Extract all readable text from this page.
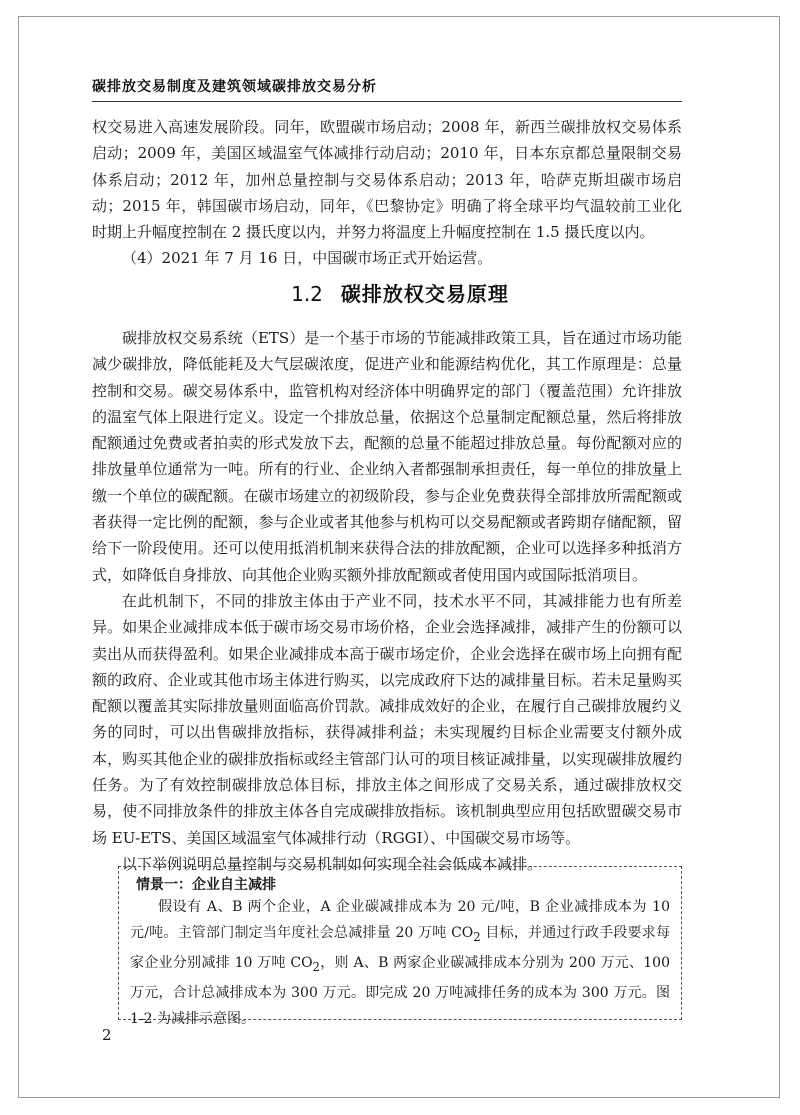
碳排放交易制度及建筑领域碳排放交易分析

权交易进入高速发展阶段。同年，欧盟碳市场启动；2008 年，新西兰碳排放权交易体系启动；2009 年，美国区域温室气体减排行动启动；2010 年，日本东京都总量限制交易体系启动；2012 年，加州总量控制与交易体系启动；2013 年，哈萨克斯坦碳市场启动；2015 年，韩国碳市场启动，同年，《巴黎协定》明确了将全球平均气温较前工业化时期上升幅度控制在 2 摄氏度以内，并努力将温度上升幅度控制在 1.5 摄氏度以内。

（4）2021 年 7 月 16 日，中国碳市场正式开始运营。

1.2 碳排放权交易原理

碳排放权交易系统（ETS）是一个基于市场的节能减排政策工具，旨在通过市场功能减少碳排放，降低能耗及大气层碳浓度，促进产业和能源结构优化，其工作原理是：总量控制和交易。碳交易体系中，监管机构对经济体中明确界定的部门（覆盖范围）允许排放的温室气体上限进行定义。设定一个排放总量，依据这个总量制定配额总量，然后将排放配额通过免费或者拍卖的形式发放下去，配额的总量不能超过排放总量。每份配额对应的排放量单位通常为一吨。所有的行业、企业纳入者都强制承担责任，每一单位的排放量上缴一个单位的碳配额。在碳市场建立的初级阶段，参与企业免费获得全部排放所需配额或者获得一定比例的配额，参与企业或者其他参与机构可以交易配额或者跨期存储配额，留给下一阶段使用。还可以使用抵消机制来获得合法的排放配额，企业可以选择多种抵消方式，如降低自身排放、向其他企业购买额外排放配额或者使用国内或国际抵消项目。

在此机制下，不同的排放主体由于产业不同，技术水平不同，其减排能力也有所差异。如果企业减排成本低于碳市场交易市场价格，企业会选择减排，减排产生的份额可以卖出从而获得盈利。如果企业减排成本高于碳市场定价，企业会选择在碳市场上向拥有配额的政府、企业或其他市场主体进行购买，以完成政府下达的减排量目标。若未足量购买配额以覆盖其实际排放量则面临高价罚款。减排成效好的企业，在履行自己碳排放履约义务的同时，可以出售碳排放指标，获得减排利益；未实现履约目标企业需要支付额外成本，购买其他企业的碳排放指标或经主管部门认可的项目核证减排量，以实现碳排放履约任务。为了有效控制碳排放总体目标，排放主体之间形成了交易关系，通过碳排放权交易，使不同排放条件的排放主体各自完成碳排放指标。该机制典型应用包括欧盟碳交易市场 EU-ETS、美国区域温室气体减排行动（RGGI）、中国碳交易市场等。

以下举例说明总量控制与交易机制如何实现全社会低成本减排。

情景一：企业自主减排

假设有 A、B 两个企业，A 企业碳减排成本为 20 元/吨，B 企业减排成本为 10 元/吨。主管部门制定当年度社会总减排量 20 万吨 $CO_2$ 目标，并通过行政手段要求每家企业分别减排 10 万吨 $CO_2$，则 A、B 两家企业碳减排成本分别为 200 万元、100 万元，合计总减排成本为 300 万元。即完成 20 万吨减排任务的成本为 300 万元。图 1-2 为减排示意图。

2
